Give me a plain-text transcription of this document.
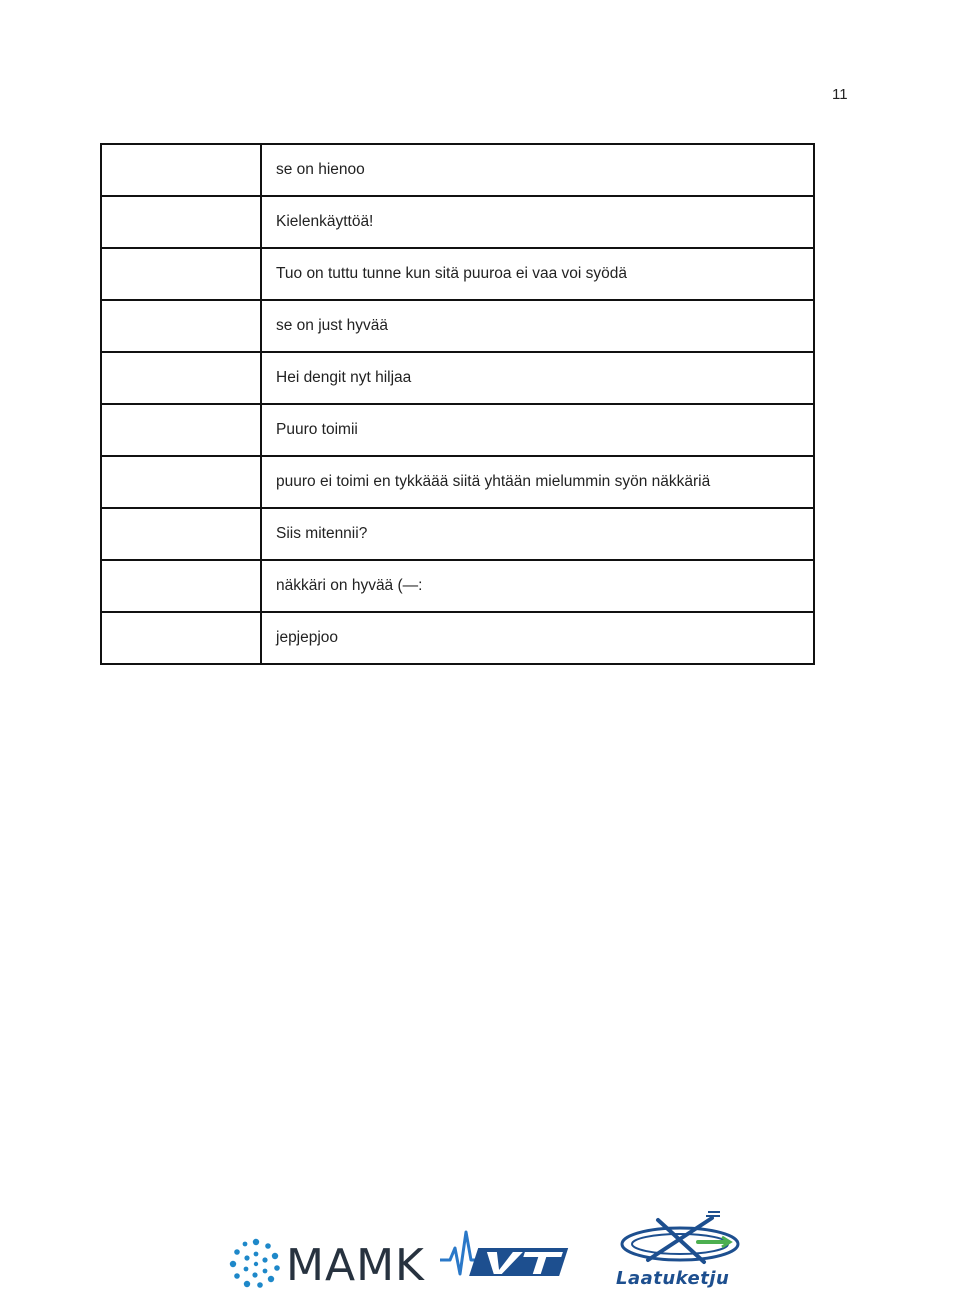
11
	se on hienoo
	Kielenkäyttöä!
	Tuo on tuttu tunne kun sitä puuroa ei vaa voi syödä
	se on just hyvää
	Hei dengit nyt hiljaa
	Puuro toimii
	puuro ei toimi en tykkäää siitä yhtään mielummin syön näkkäriä
	Siis mitennii?
	näkkäri on hyvää (—:
	jepjepjoo
MAMK	Laatuketju
